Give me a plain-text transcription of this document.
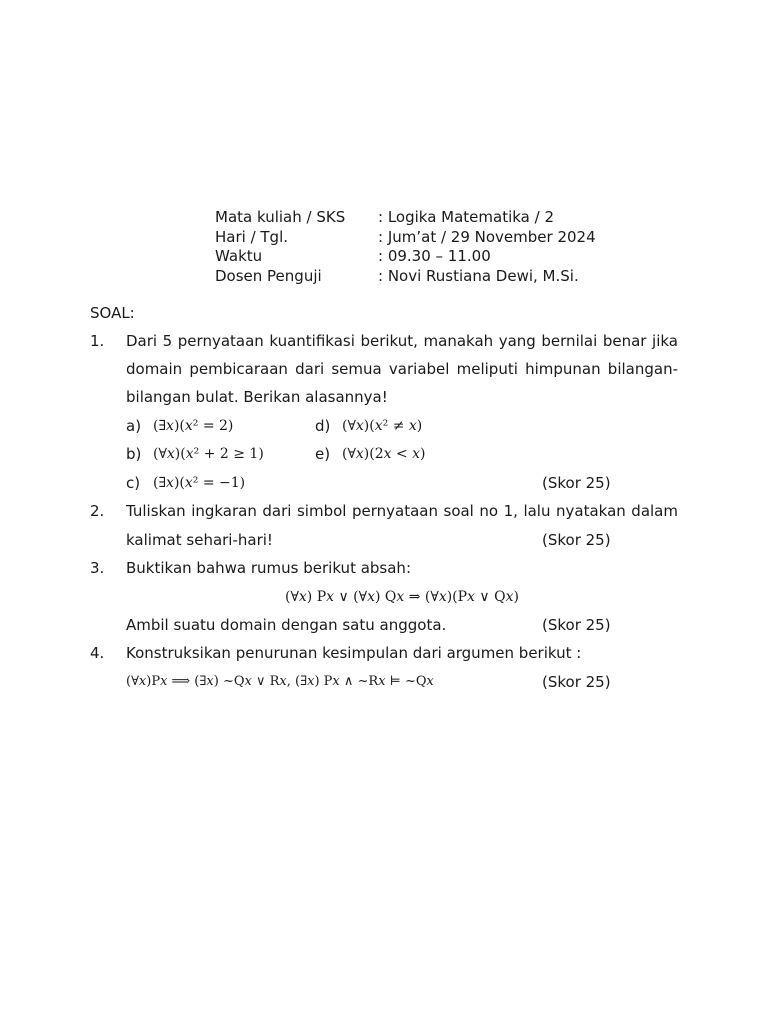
Mata kuliah / SKS : Logika Matematika / 2
Hari / Tgl.	: Jum’at / 29 November 2024
Waktu	: 09.30 – 11.00
Dosen Penguji	: Novi Rustiana Dewi, M.Si.
SOAL:
1. Dari 5 pernyataan kuantifikasi berikut, manakah yang bernilai benar jika
domain pembicaraan dari semua variabel meliputi himpunan bilangan-
bilangan bulat. Berikan alasannya!
a) (∃𝑥)(𝑥² = 2)
b) (∀𝑥)(𝑥² + 2 ≥ 1)
c) (∃𝑥)(𝑥² = −1)
d) (∀𝑥)(𝑥² ≠ 𝑥)
e) (∀𝑥)(2𝑥 < 𝑥)
(Skor 25)
2. Tuliskan ingkaran dari simbol pernyataan soal no 1, lalu nyatakan dalam
kalimat sehari-hari!	(Skor 25)
3. Buktikan bahwa rumus berikut absah:
(∀𝑥) P𝑥 ∨ (∀𝑥) Q𝑥 ⇒ (∀𝑥)(P𝑥 ∨ Q𝑥)
Ambil suatu domain dengan satu anggota.	(Skor 25)
4. Konstruksikan penurunan kesimpulan dari argumen berikut :
(∀𝑥)P𝑥 ⟹ (∃𝑥) ~Q𝑥 ∨ R𝑥, (∃𝑥) P𝑥 ∧ ~R𝑥 ⊨ ~Q𝑥	(Skor 25)
